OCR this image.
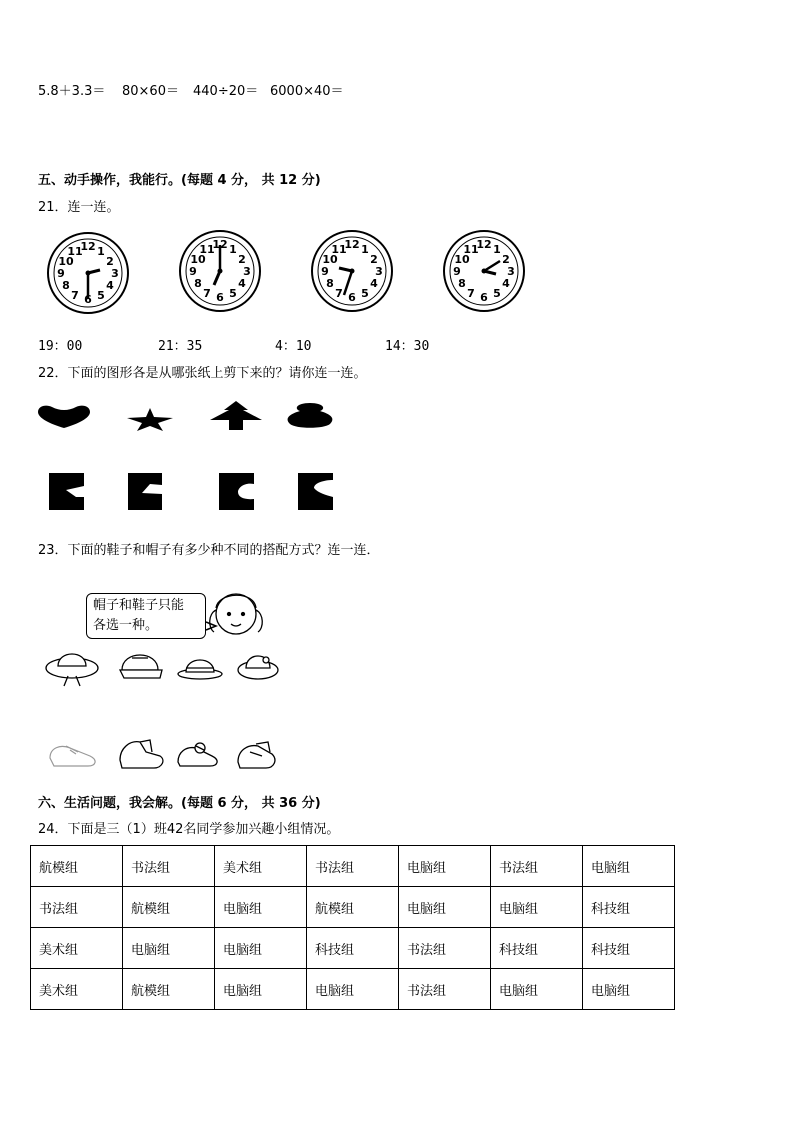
5.8＋3.3＝ 80×60＝ 440÷20＝ 6000×40＝
五、动手操作，我能行。(每题 4 分， 共 12 分)
21．连一连。
12 1
2
3
4
5
6
7
8
9
10
11
12 1
2
3
4
5
6
7
8
9
10
11	12 1
2
3
4
5
6
7
8
9
10
11	12 1
2
3
4
5
6
7
8
9
10
11
19：00	21：35	4：10	14：30
22．下面的图形各是从哪张纸上剪下来的？请你连一连。
23．下面的鞋子和帽子有多少种不同的搭配方式？连一连．
帽子和鞋子只能
各选一种。
六、生活问题，我会解。(每题 6 分， 共 36 分)
24．下面是三（1）班42名同学参加兴趣小组情况。
航模组	书法组	美术组	书法组	电脑组	书法组	电脑组
书法组	航模组	电脑组	航模组	电脑组	电脑组	科技组
美术组	电脑组	电脑组	科技组	书法组	科技组	科技组
美术组	航模组	电脑组	电脑组	书法组	电脑组	电脑组
